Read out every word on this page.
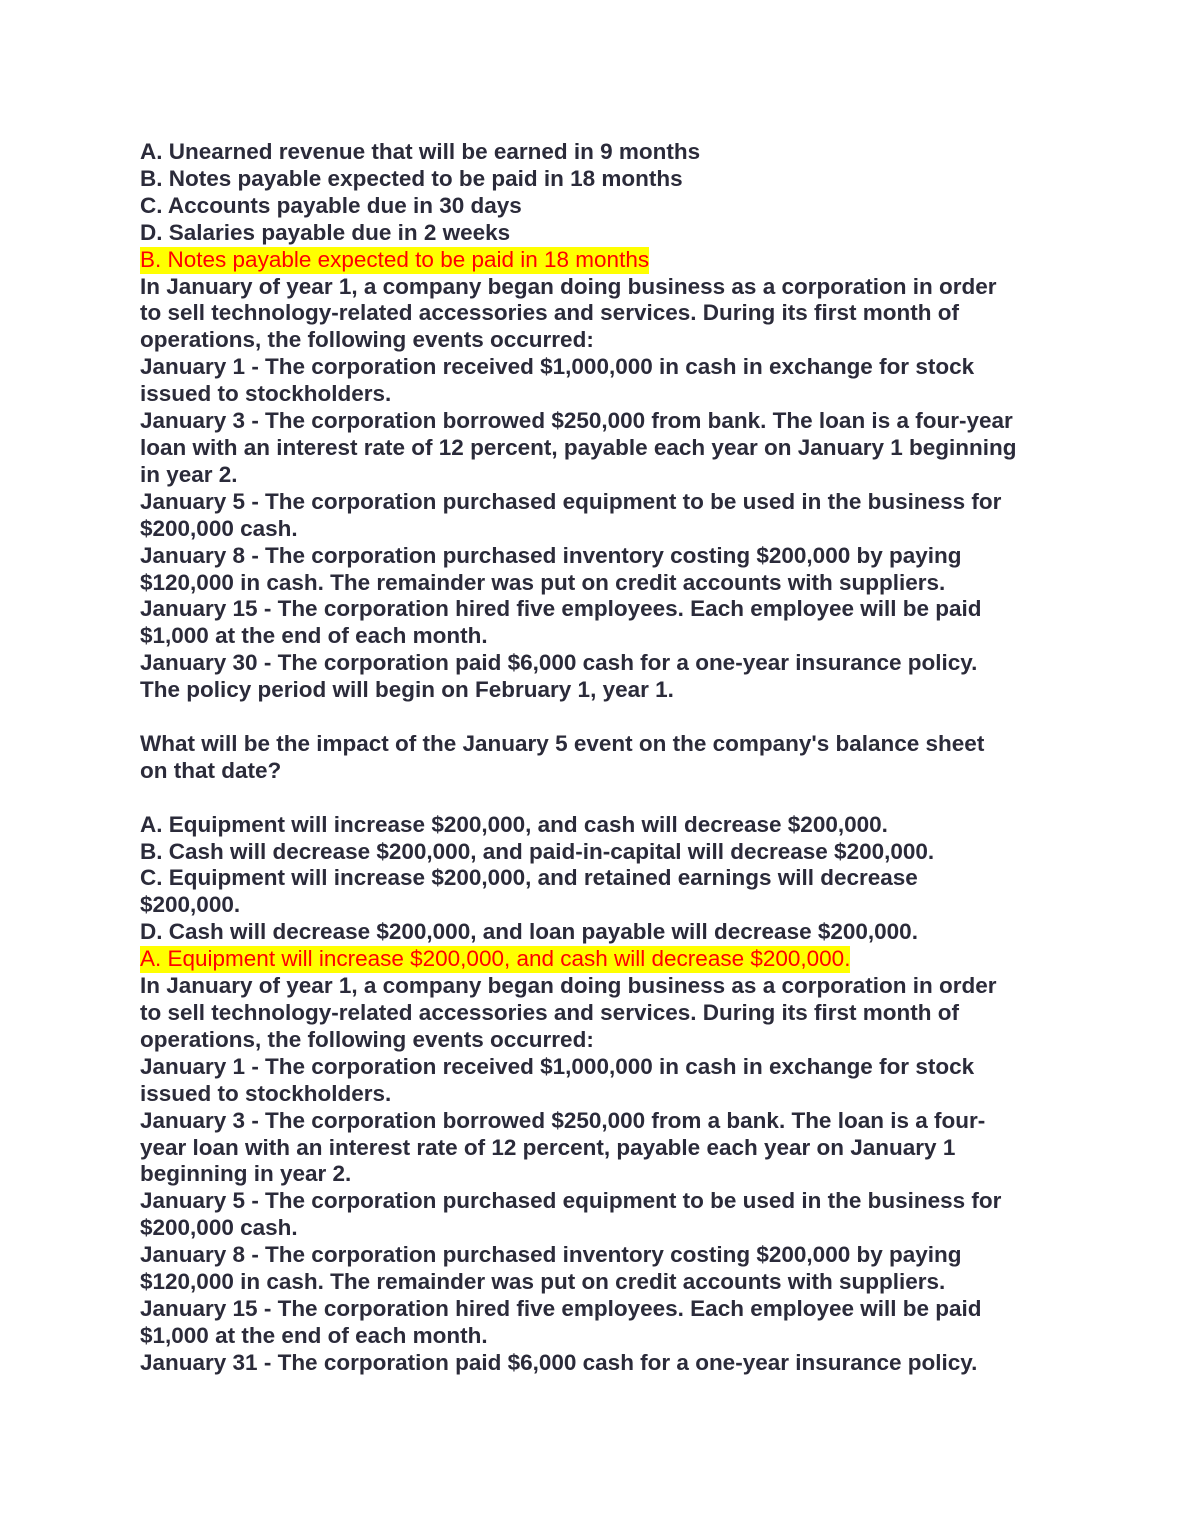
A. Unearned revenue that will be earned in 9 months
B. Notes payable expected to be paid in 18 months
C. Accounts payable due in 30 days
D. Salaries payable due in 2 weeks
B. Notes payable expected to be paid in 18 months
In January of year 1, a company began doing business as a corporation in order
to sell technology-related accessories and services. During its first month of
operations, the following events occurred:
January 1 - The corporation received $1,000,000 in cash in exchange for stock
issued to stockholders.
January 3 - The corporation borrowed $250,000 from bank. The loan is a four-year
loan with an interest rate of 12 percent, payable each year on January 1 beginning
in year 2.
January 5 - The corporation purchased equipment to be used in the business for
$200,000 cash.
January 8 - The corporation purchased inventory costing $200,000 by paying
$120,000 in cash. The remainder was put on credit accounts with suppliers.
January 15 - The corporation hired five employees. Each employee will be paid
$1,000 at the end of each month.
January 30 - The corporation paid $6,000 cash for a one-year insurance policy.
The policy period will begin on February 1, year 1.
What will be the impact of the January 5 event on the company's balance sheet
on that date?
A. Equipment will increase $200,000, and cash will decrease $200,000.
B. Cash will decrease $200,000, and paid-in-capital will decrease $200,000.
C. Equipment will increase $200,000, and retained earnings will decrease
$200,000.
D. Cash will decrease $200,000, and loan payable will decrease $200,000.
A. Equipment will increase $200,000, and cash will decrease $200,000.
In January of year 1, a company began doing business as a corporation in order
to sell technology-related accessories and services. During its first month of
operations, the following events occurred:
January 1 - The corporation received $1,000,000 in cash in exchange for stock
issued to stockholders.
January 3 - The corporation borrowed $250,000 from a bank. The loan is a four-
year loan with an interest rate of 12 percent, payable each year on January 1
beginning in year 2.
January 5 - The corporation purchased equipment to be used in the business for
$200,000 cash.
January 8 - The corporation purchased inventory costing $200,000 by paying
$120,000 in cash. The remainder was put on credit accounts with suppliers.
January 15 - The corporation hired five employees. Each employee will be paid
$1,000 at the end of each month.
January 31 - The corporation paid $6,000 cash for a one-year insurance policy.
